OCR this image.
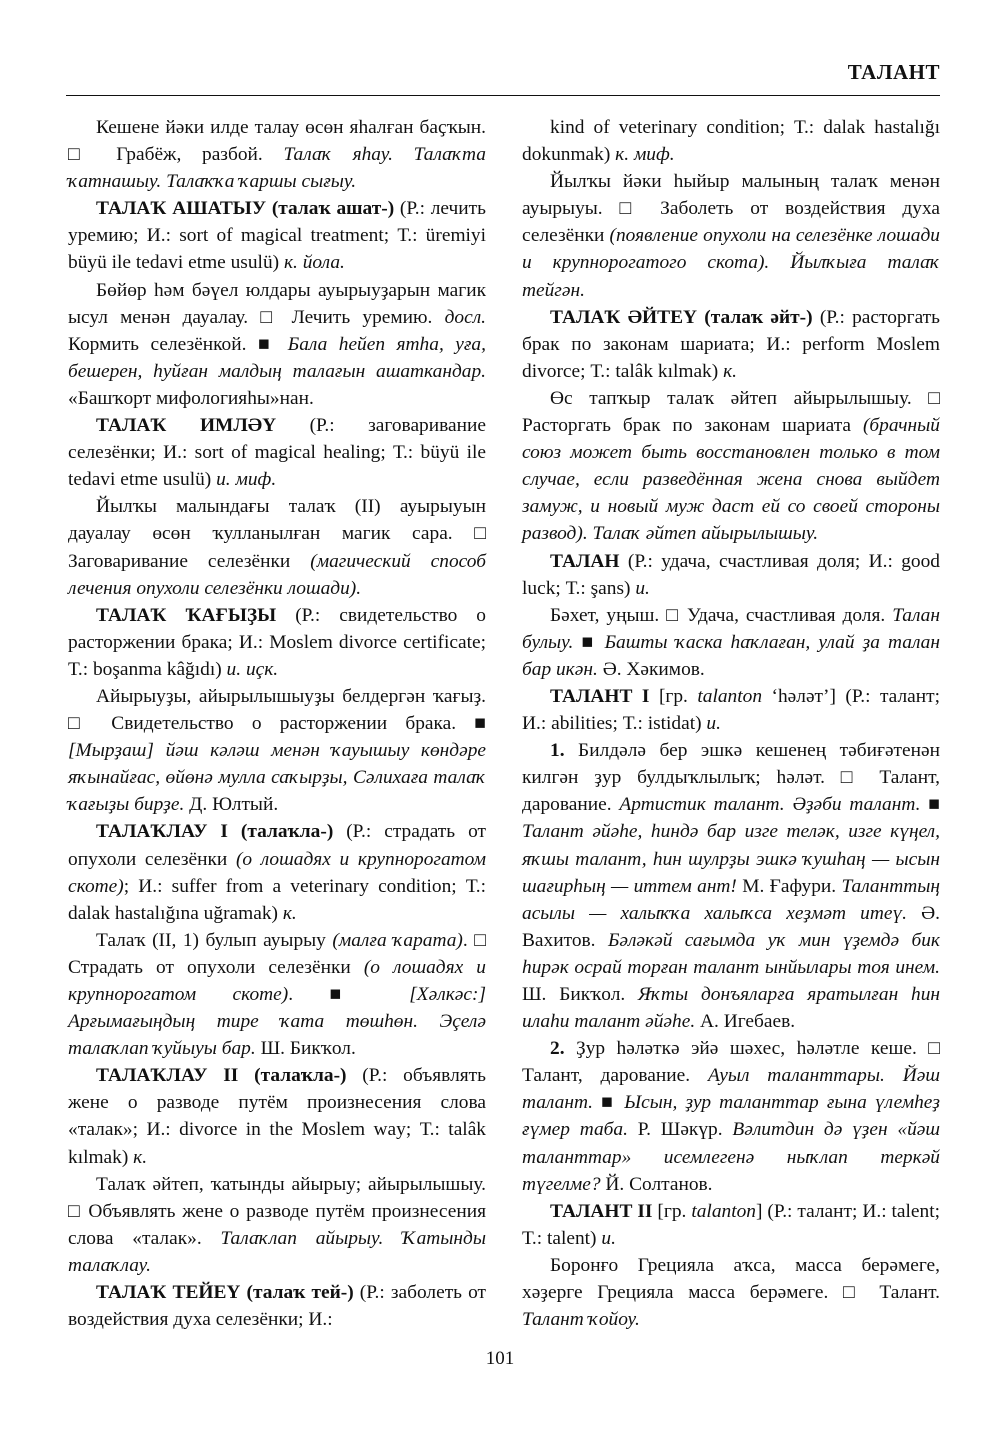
ТАЛАНТ

Кешене йәки илде талау өсөн яһалған баҫҡын. □ Грабёж, разбой. Талаҡ яһау. Талаҡта ҡатнашыу. Талаҡҡа ҡаршы сығыу.

ТАЛАҠ АШАТЫУ (талаҡ ашат-) (Р.: лечить уремию; И.: sort of magical treatment; Т.: üremiyi büyü ile tedavi etme usulü) к. йола.

Бөйөр һәм бәүел юлдары ауырыуҙарын магик ысул менән дауалау. □ Лечить уремию. досл. Кормить селезёнкой. ■ Бала һейеп ятһа, уға, бешерен, һуйған малдың талағын ашаткандар. «Башҡорт мифологияһы»нан.

ТАЛАҠ ИМЛӘҮ (Р.: заговаривание селезёнки; И.: sort of magical healing; Т.: büyü ile tedavi etme usulü) и. миф.

Йылҡы малындағы талаҡ (II) ауырыуын дауалау өсөн ҡулланылған магик сара. □ Заговаривание селезёнки (магический способ лечения опухоли селезёнки лошади).

ТАЛАҠ ҠАҒЫҘЫ (Р.: свидетельство о расторжении брака; И.: Moslem divorce certificate; Т.: boşanma kâğıdı) и. иçк.

Айырыуҙы, айырылышыуҙы белдергән ҡағыҙ. □ Свидетельство о расторжении брака. ■ [Мырҙаш] йәш кәләш менән ҡауышыу көндәре яҡынайғас, өйөнә мулла саҡырҙы, Сәлихаға талаҡ ҡағыҙы бирҙе. Д. Юлтый.

ТАЛАҠЛАУ I (талаҡла-) (Р.: страдать от опухоли селезёнки (о лошадях и крупнорогатом скоте); И.: suffer from a veterinary condition; Т.: dalak hastalığına uğramak) к.

Талаҡ (II, 1) булып ауырыу (малға ҡарата). □ Страдать от опухоли селезёнки (о лошадях и крупнорогатом скоте). ■ [Хәлкәс:] Арғымағыңдың тире ҡата төшһөн. Эçелә талаҡлап ҡуйыуы бар. Ш. Бикҡол.

ТАЛАҠЛАУ II (талаҡла-) (Р.: объявлять жене о разводе путём произнесения слова «талак»; И.: divorce in the Moslem way; Т.: talâk kılmak) к.

Талаҡ әйтеп, ҡатынды айырыу; айырылышыу. □ Объявлять жене о разводе путём произнесения слова «талак». Талаҡлап айырыу. Ҡатынды талаҡлау.

ТАЛАҠ ТЕЙЕҮ (талаҡ тей-) (Р.: заболеть от воздействия духа селезёнки; И.:

kind of veterinary condition; Т.: dalak hastalığı dokunmak) к. миф.

Йылҡы йәки һыйыр малының талаҡ менән ауырыуы. □ Заболеть от воздействия духа селезёнки (появление опухоли на селезёнке лошади и крупнорогатого скота). Йылҡыға талаҡ тейгән.

ТАЛАҠ ӘЙТЕҮ (талаҡ әйт-) (Р.: расторгать брак по законам шариата; И.: perform Moslem divorce; Т.: talâk kılmak) к.

Өс тапҡыр талаҡ әйтеп айырылышыу. □ Расторгать брак по законам шариата (брачный союз может быть восстановлен только в том случае, если разведённая жена снова выйдет замуж, и новый муж даст ей со своей стороны развод). Талаҡ әйтеп айырылышыу.

ТАЛАН (Р.: удача, счастливая доля; И.: good luck; Т.: şans) и.

Бәхет, уңыш. □ Удача, счастливая доля. Талан булыу. ■ Башты ҡаска һаҡлаған, улай ҙа талан бар икән. Ә. Хәкимов.

ТАЛАНТ I [гр. talanton ‘һәләт’] (Р.: талант; И.: abilities; Т.: istidat) и.

1. Билдәлә бер эшкә кешенең тәбиғәтенән килгән ҙур булдыҡлылыҡ; һәләт. □ Талант, дарование. Артистик талант. Әҙәби талант. ■ Талант әйәһе, һиндә бар изге теләк, изге күңел, яҡшы талант, һин шулрҙы эшкә ҡушһаң — ысын шағирһың — иттем ант! М. Ғафури. Таланттың асылы — халыҡҡа халыҡса хеҙмәт итеү. Ә. Вахитов. Бәләкәй сағымда уҡ мин үҙемдә бик һирәк осрай торған талант ынйылары тоя инем. Ш. Бикҡол. Яҡты донъяларға яратылған һин илаһи талант әйәһе. А. Игебаев.

2. Ҙур һәләткә эйә шәхес, һәләтле кеше. □ Талант, дарование. Ауыл таланттары. Йәш талант. ■ Ысын, ҙур таланттар ғына үлемһеҙ ғүмер таба. Р. Шәкүр. Вәлитдин дә үҙен «йәш таланттар» исемлегенә ныҡлап теркәй түгелме? Й. Солтанов.

ТАЛАНТ II [гр. talanton] (Р.: талант; И.: talent; Т.: talent) и.

Боронғо Грецияла аҡса, масса берәмеге, хәҙерге Грецияла масса берәмеге. □ Талант. Талант ҡойоу.

101
